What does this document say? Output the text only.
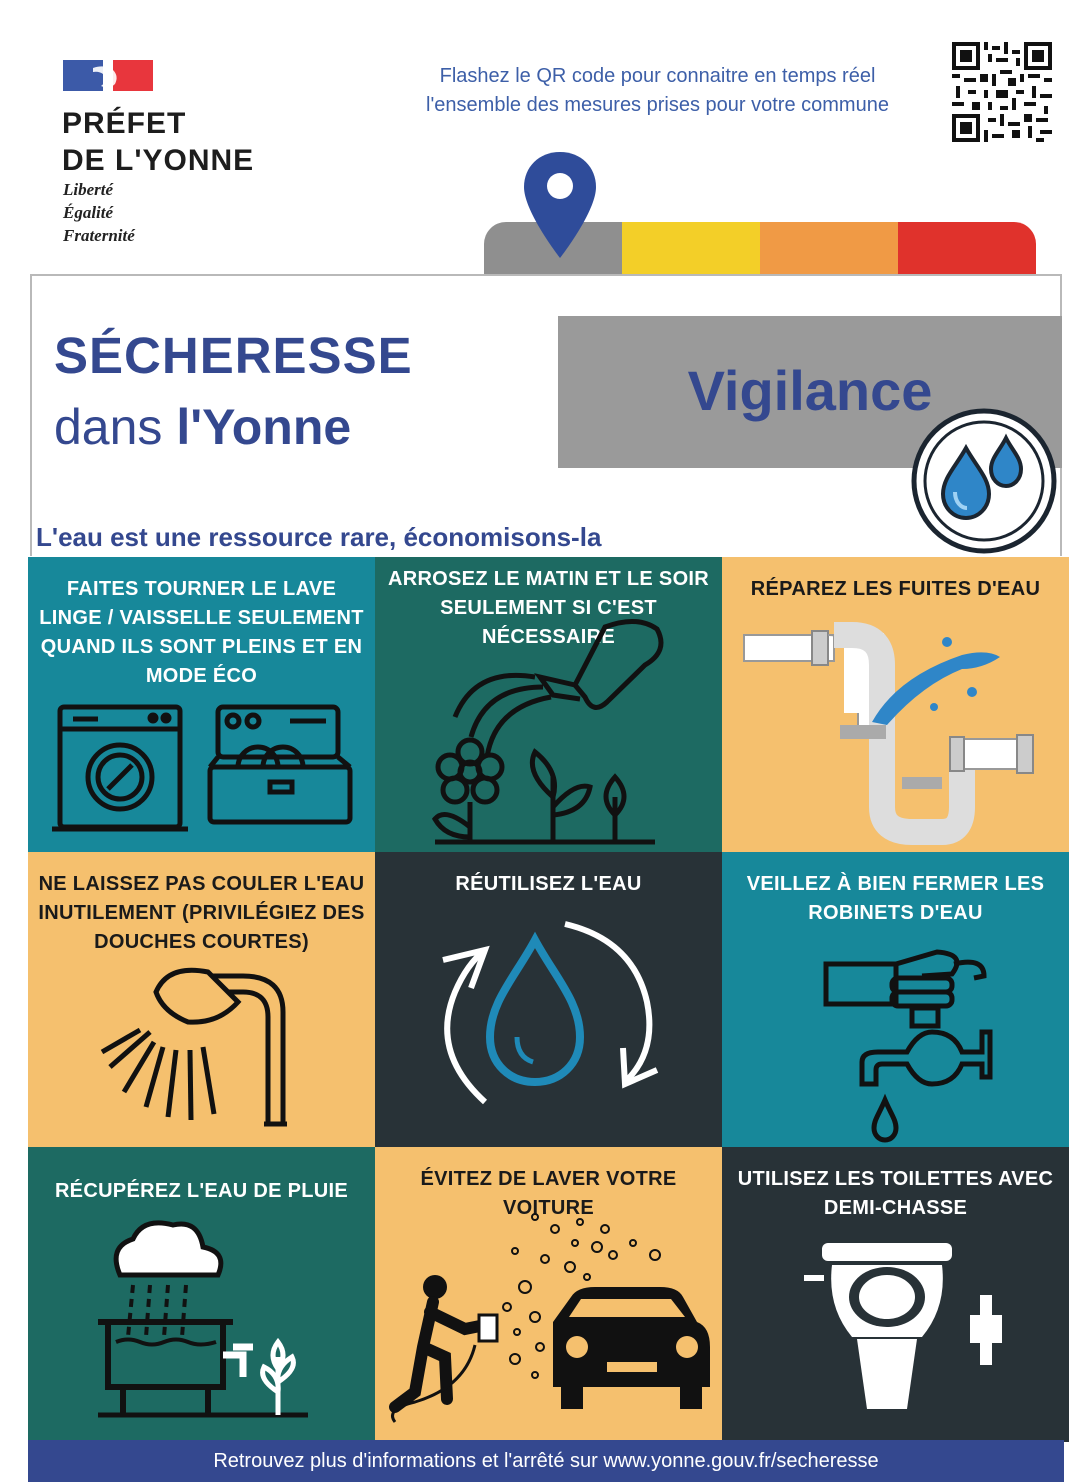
PRÉFET
DE L'YONNE
Liberté
Égalité
Fraternité
Flashez le QR code pour connaitre en temps réel
l'ensemble des mesures prises pour votre commune
SÉCHERESSE
dans l'Yonne
Vigilance
L'eau est une ressource rare, économisons-la
FAITES TOURNER LE LAVE LINGE / VAISSELLE SEULEMENT QUAND ILS SONT PLEINS ET EN MODE ÉCO
ARROSEZ LE MATIN ET LE SOIR SEULEMENT SI C'EST NÉCESSAIRE
RÉPAREZ LES FUITES D'EAU
NE LAISSEZ PAS COULER L'EAU INUTILEMENT (PRIVILÉGIEZ DES DOUCHES COURTES)
RÉUTILISEZ L'EAU	VEILLEZ À BIEN FERMER LES ROBINETS D'EAU
RÉCUPÉREZ L'EAU DE PLUIE
ÉVITEZ DE LAVER VOTRE VOITURE
UTILISEZ LES TOILETTES AVEC DEMI-CHASSE
Retrouvez plus d'informations et l'arrêté sur www.yonne.gouv.fr/secheresse
